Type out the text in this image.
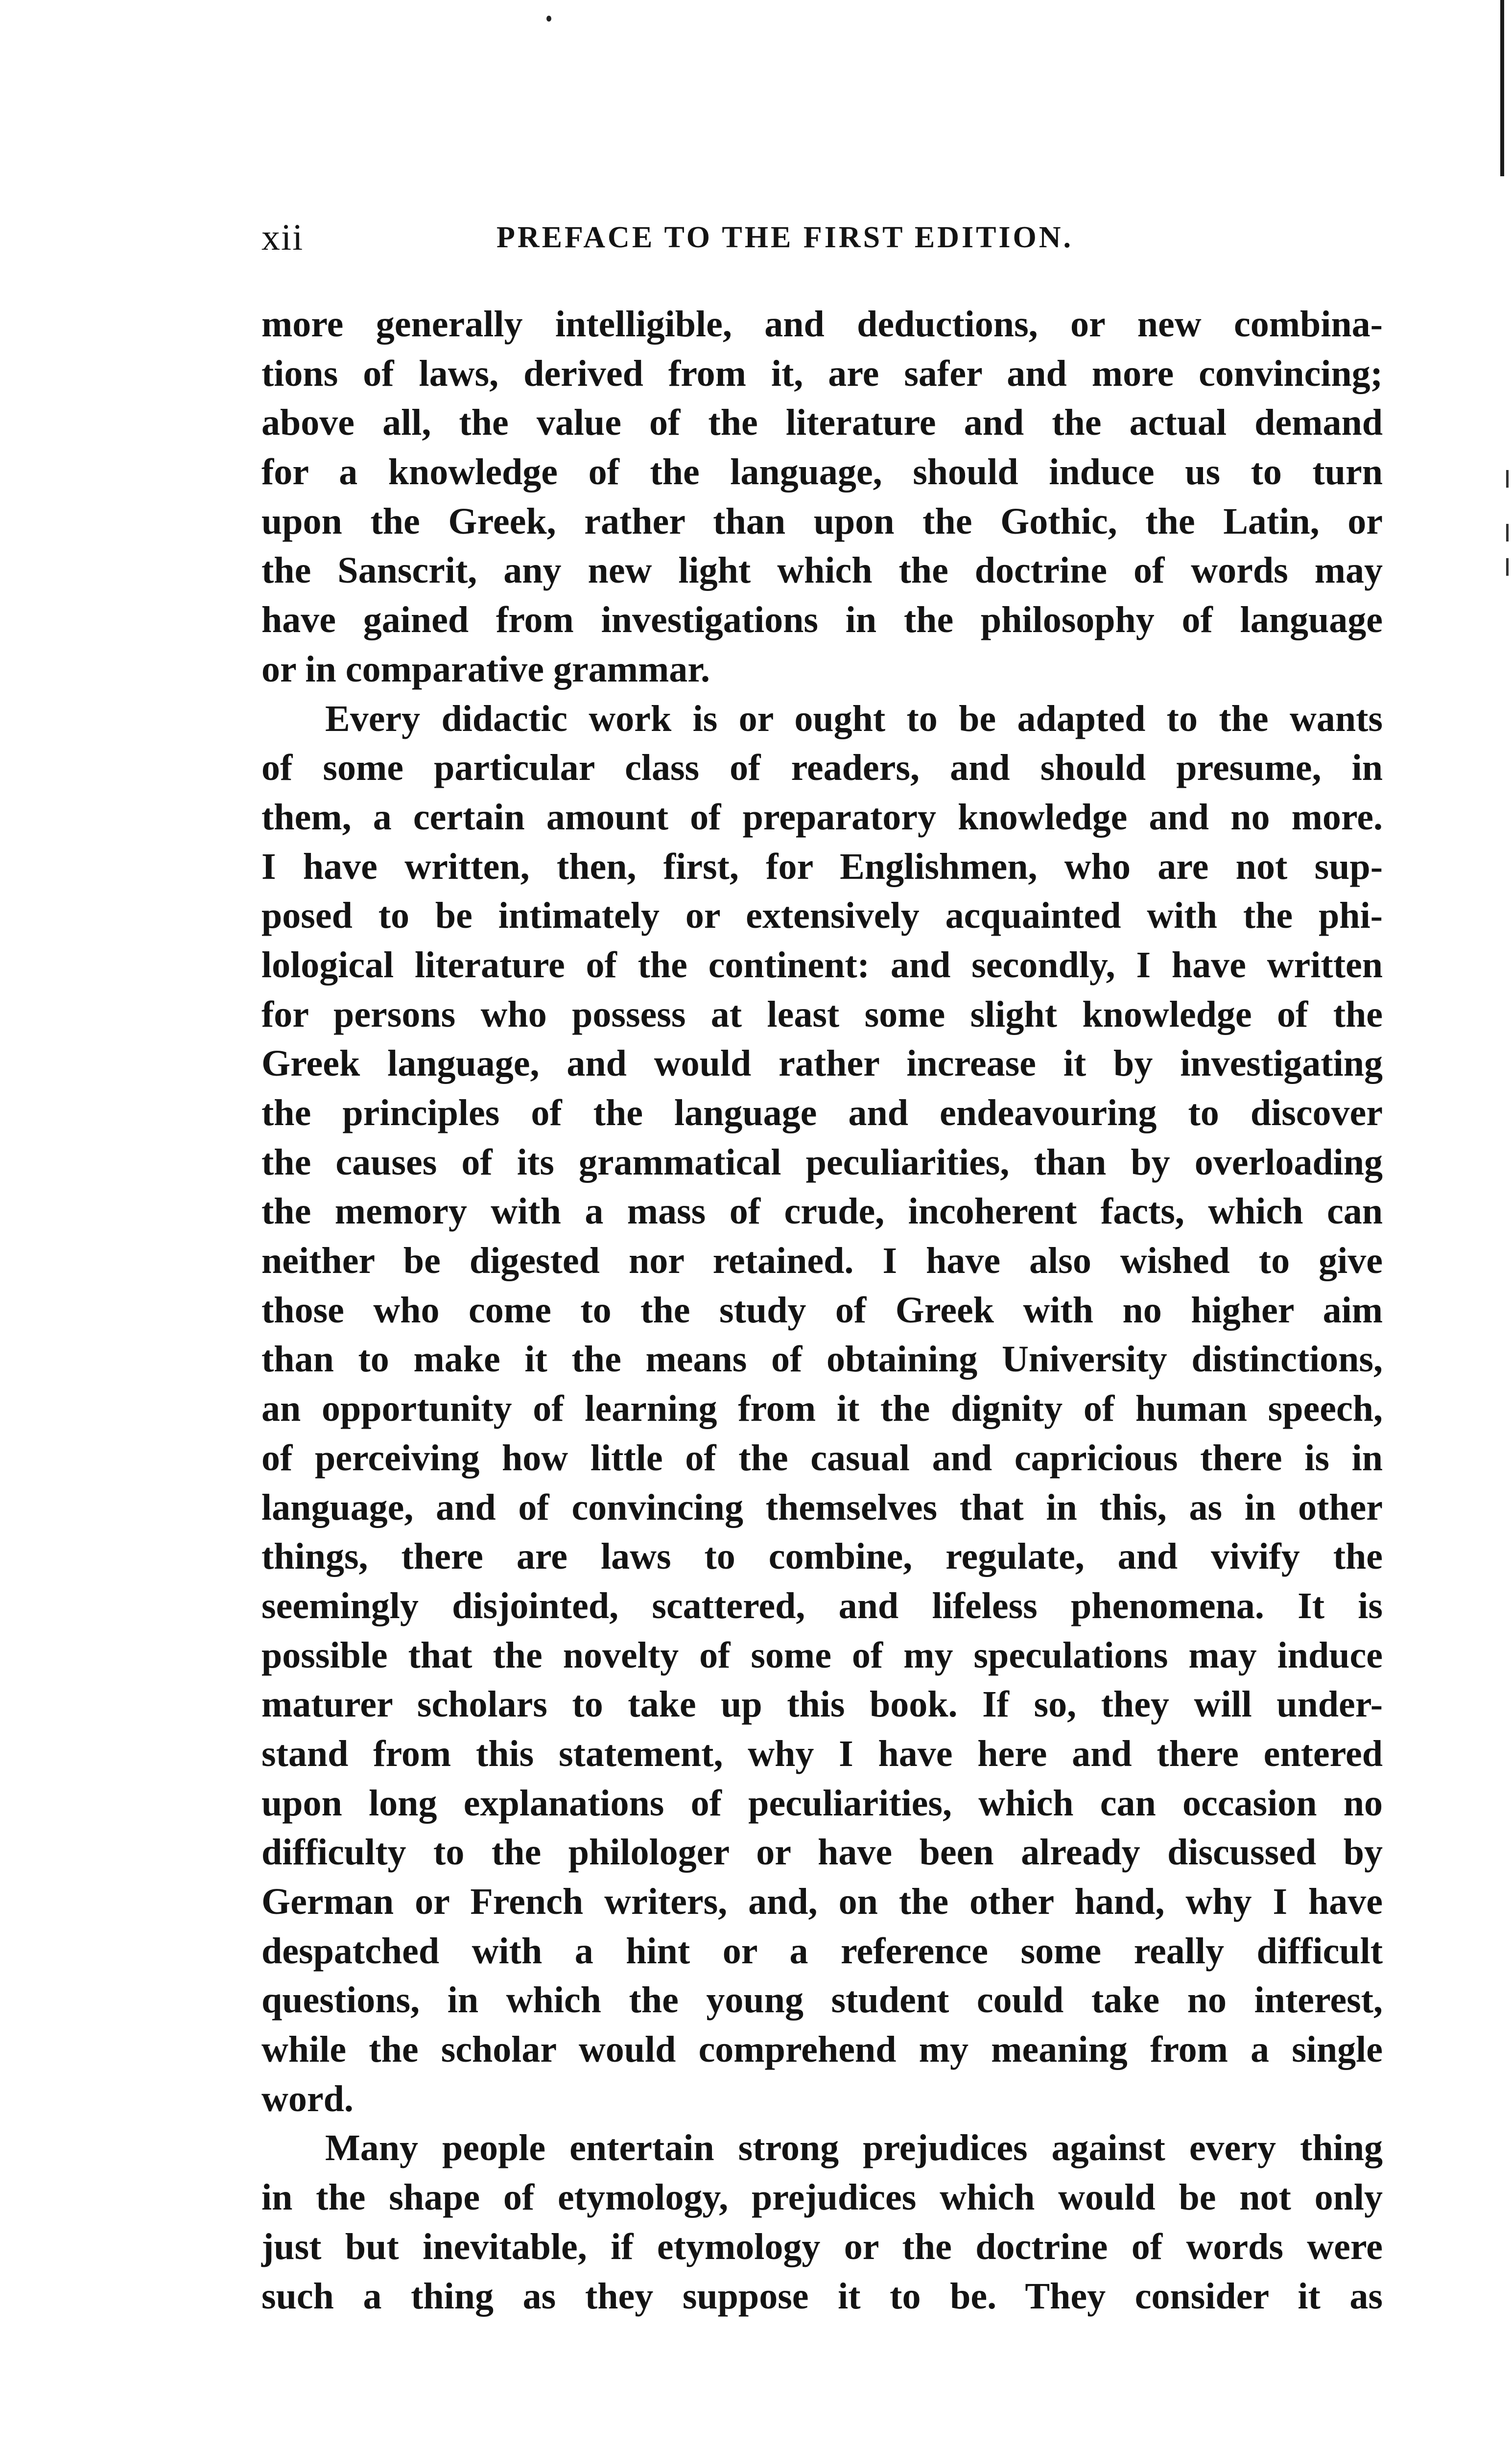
xii	PREFACE TO THE FIRST EDITION.
more generally intelligible, and deductions, or new combina-
tions of laws, derived from it, are safer and more convincing;
above all, the value of the literature and the actual demand
for a knowledge of the language, should induce us to turn
upon the Greek, rather than upon the Gothic, the Latin, or
the Sanscrit, any new light which the doctrine of words may
have gained from investigations in the philosophy of language
or in comparative grammar.
Every didactic work is or ought to be adapted to the wants
of some particular class of readers, and should presume, in
them, a certain amount of preparatory knowledge and no more.
I have written, then, first, for Englishmen, who are not sup-
posed to be intimately or extensively acquainted with the phi-
lological literature of the continent: and secondly, I have written
for persons who possess at least some slight knowledge of the
Greek language, and would rather increase it by investigating
the principles of the language and endeavouring to discover
the causes of its grammatical peculiarities, than by overloading
the memory with a mass of crude, incoherent facts, which can
neither be digested nor retained. I have also wished to give
those who come to the study of Greek with no higher aim
than to make it the means of obtaining University distinctions,
an opportunity of learning from it the dignity of human speech,
of perceiving how little of the casual and capricious there is in
language, and of convincing themselves that in this, as in other
things, there are laws to combine, regulate, and vivify the
seemingly disjointed, scattered, and lifeless phenomena. It is
possible that the novelty of some of my speculations may induce
maturer scholars to take up this book. If so, they will under-
stand from this statement, why I have here and there entered
upon long explanations of peculiarities, which can occasion no
difficulty to the philologer or have been already discussed by
German or French writers, and, on the other hand, why I have
despatched with a hint or a reference some really difficult
questions, in which the young student could take no interest,
while the scholar would comprehend my meaning from a single
word.
Many people entertain strong prejudices against every thing
in the shape of etymology, prejudices which would be not only
just but inevitable, if etymology or the doctrine of words were
such a thing as they suppose it to be. They consider it as
